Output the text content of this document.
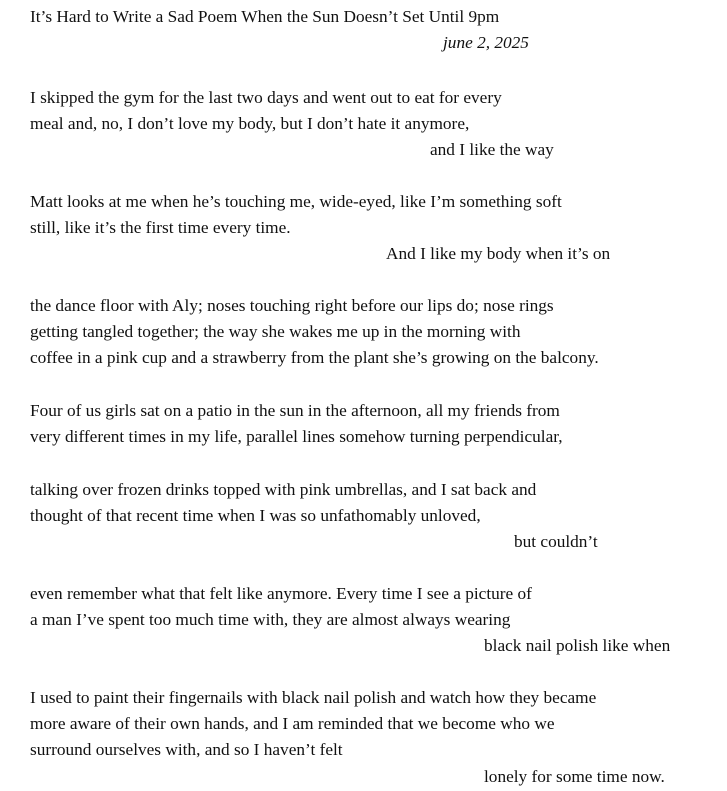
It’s Hard to Write a Sad Poem When the Sun Doesn’t Set Until 9pm

june 2, 2025

I skipped the gym for the last two days and went out to eat for every

meal and, no, I don’t love my body, but I don’t hate it anymore,

and I like the way

Matt looks at me when he’s touching me, wide-eyed, like I’m something soft

still, like it’s the first time every time.

And I like my body when it’s on

the dance floor with Aly; noses touching right before our lips do; nose rings

getting tangled together; the way she wakes me up in the morning with

coffee in a pink cup and a strawberry from the plant she’s growing on the balcony.

Four of us girls sat on a patio in the sun in the afternoon, all my friends from

very different times in my life, parallel lines somehow turning perpendicular,

talking over frozen drinks topped with pink umbrellas, and I sat back and

thought of that recent time when I was so unfathomably unloved,

but couldn’t

even remember what that felt like anymore. Every time I see a picture of

a man I’ve spent too much time with, they are almost always wearing

black nail polish like when

I used to paint their fingernails with black nail polish and watch how they became

more aware of their own hands, and I am reminded that we become who we

surround ourselves with, and so I haven’t felt

lonely for some time now.
